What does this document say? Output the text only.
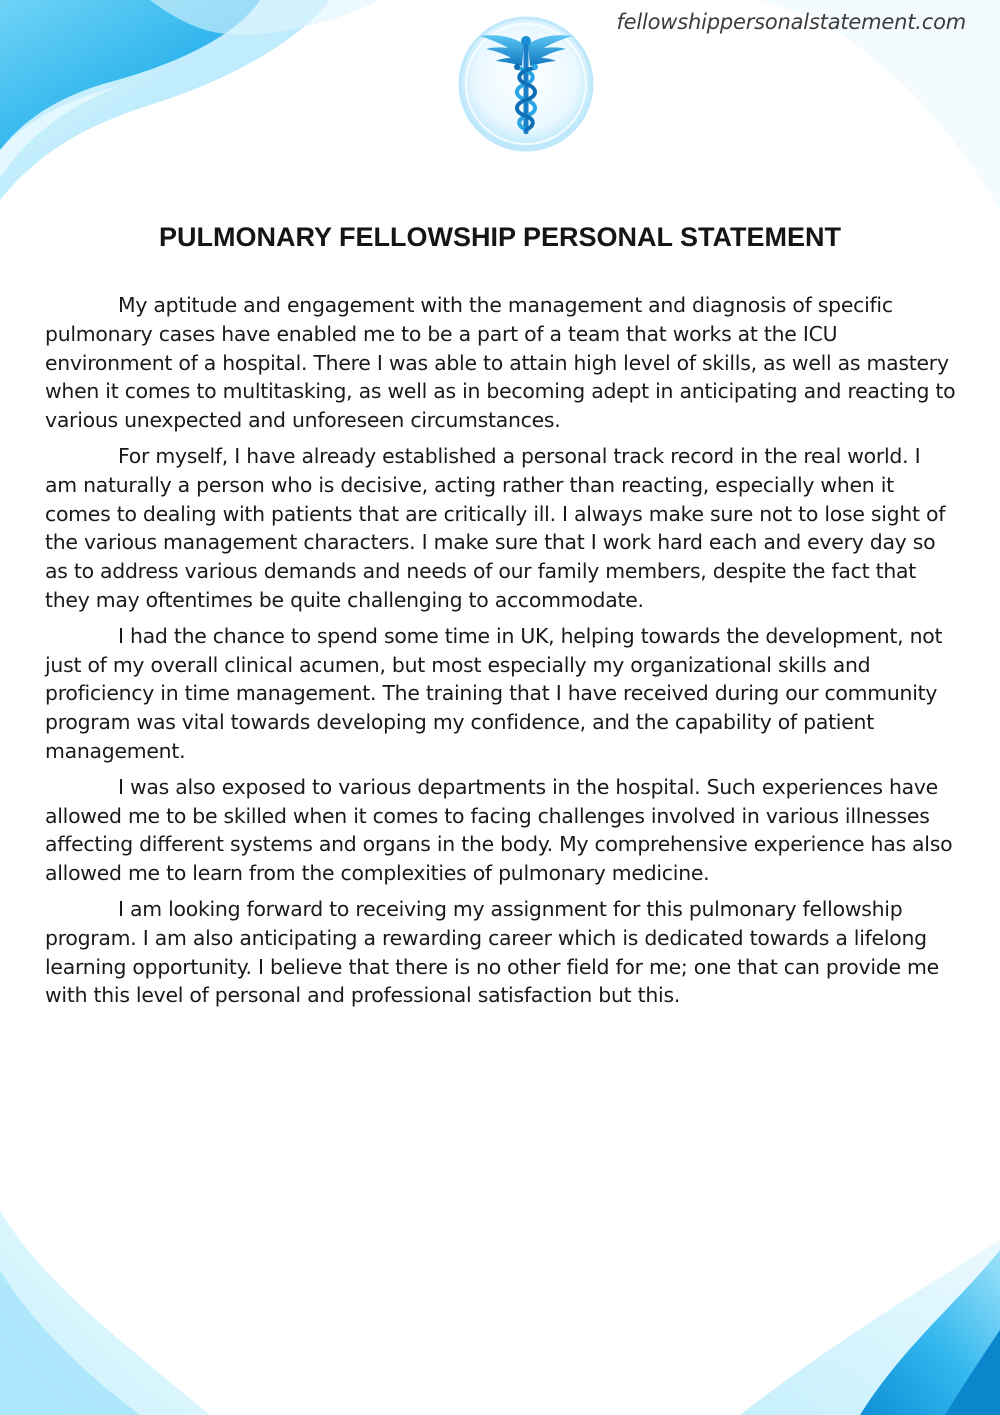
fellowshippersonalstatement.com
PULMONARY FELLOWSHIP PERSONAL STATEMENT

My aptitude and engagement with the management and diagnosis of specific pulmonary cases have enabled me to be a part of a team that works at the ICU environment of a hospital. There I was able to attain high level of skills, as well as mastery when it comes to multitasking, as well as in becoming adept in anticipating and reacting to various unexpected and unforeseen circumstances.

For myself, I have already established a personal track record in the real world. I am naturally a person who is decisive, acting rather than reacting, especially when it comes to dealing with patients that are critically ill. I always make sure not to lose sight of the various management characters. I make sure that I work hard each and every day so as to address various demands and needs of our family members, despite the fact that they may oftentimes be quite challenging to accommodate.

I had the chance to spend some time in UK, helping towards the development, not just of my overall clinical acumen, but most especially my organizational skills and proficiency in time management. The training that I have received during our community program was vital towards developing my confidence, and the capability of patient management.

I was also exposed to various departments in the hospital. Such experiences have allowed me to be skilled when it comes to facing challenges involved in various illnesses affecting different systems and organs in the body. My comprehensive experience has also allowed me to learn from the complexities of pulmonary medicine.

I am looking forward to receiving my assignment for this pulmonary fellowship program. I am also anticipating a rewarding career which is dedicated towards a lifelong learning opportunity. I believe that there is no other field for me; one that can provide me with this level of personal and professional satisfaction but this.
